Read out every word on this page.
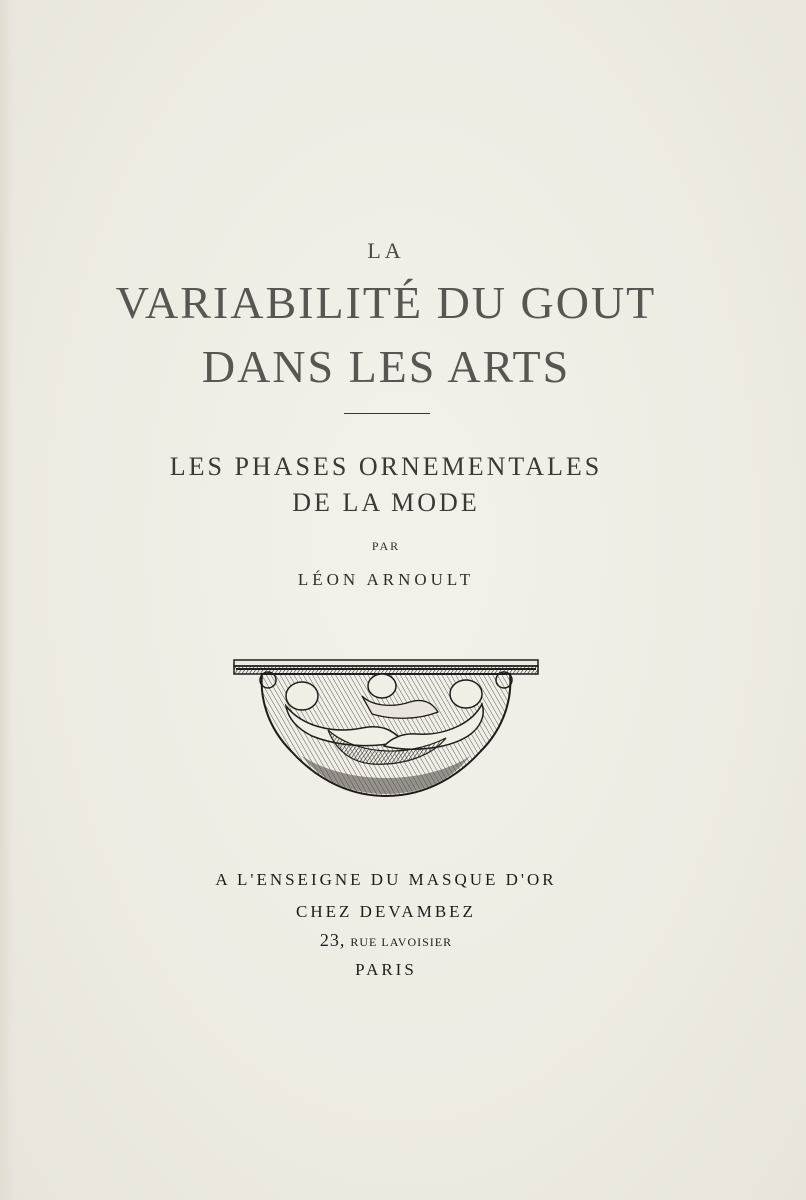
LA
VARIABILITÉ DU GOUT
DANS LES ARTS
LES PHASES ORNEMENTALES
DE LA MODE
PAR
LÉON ARNOULT
A L'ENSEIGNE DU MASQUE D'OR
CHEZ DEVAMBEZ
23, RUE LAVOISIER
PARIS
